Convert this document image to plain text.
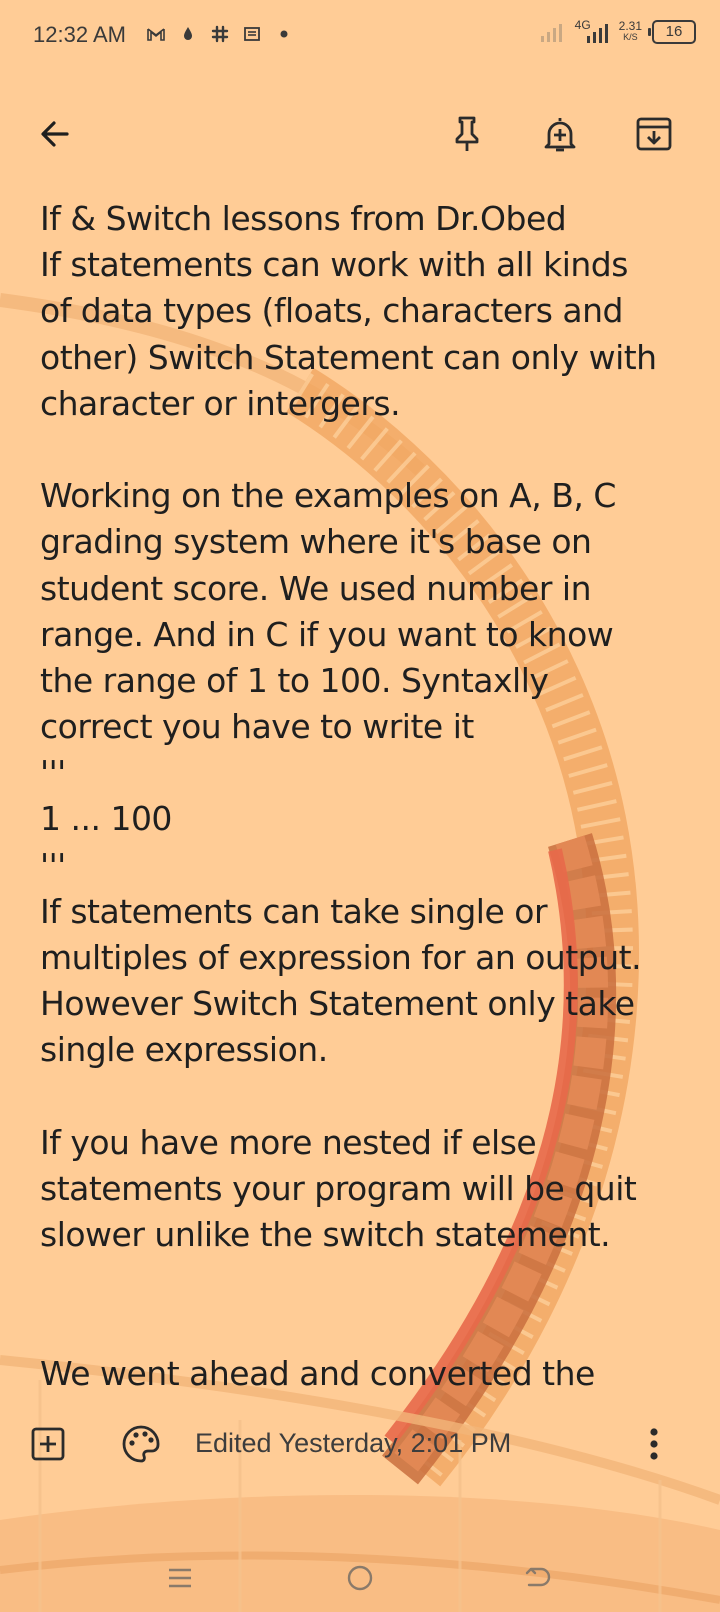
12:32 AM	4G 2.31
K/S	16
If & Switch lessons from Dr.Obed
If statements can work with all kinds
of data types (floats, characters and
other) Switch Statement can only with
character or intergers.
Working on the examples on A, B, C
grading system where it's base on
student score. We used number in
range. And in C if you want to know
the range of 1 to 100. Syntaxlly
correct you have to write it
'''
1 ... 100
'''
If statements can take single or
multiples of expression for an output.
However Switch Statement only take
single expression.
If you have more nested if else
statements your program will be quit
slower unlike the switch statement.
We went ahead and converted the
Edited Yesterday, 2:01 PM
